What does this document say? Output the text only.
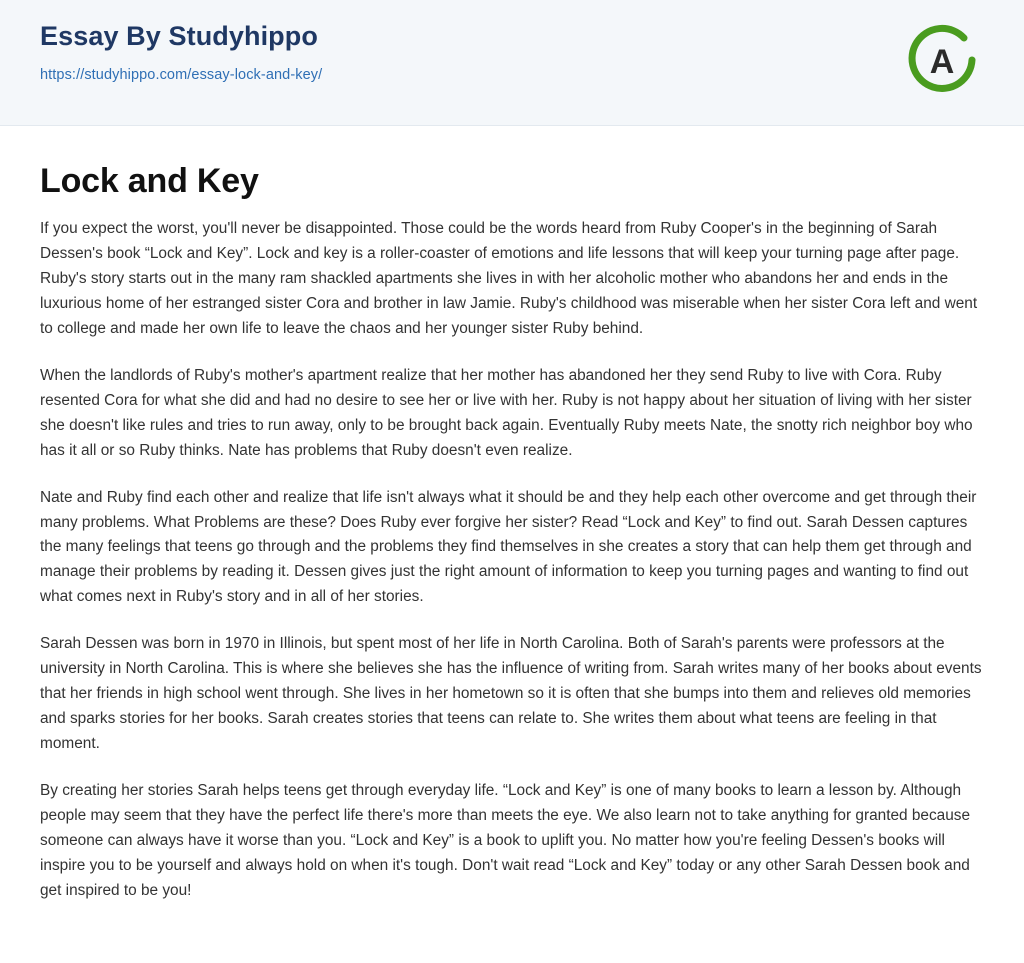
Essay By Studyhippo
https://studyhippo.com/essay-lock-and-key/	A
Lock and Key

If you expect the worst, you'll never be disappointed. Those could be the words heard from Ruby Cooper's in the beginning of Sarah Dessen's book “Lock and Key”. Lock and key is a roller-coaster of emotions and life lessons that will keep your turning page after page. Ruby's story starts out in the many ram shackled apartments she lives in with her alcoholic mother who abandons her and ends in the luxurious home of her estranged sister Cora and brother in law Jamie. Ruby's childhood was miserable when her sister Cora left and went to college and made her own life to leave the chaos and her younger sister Ruby behind.

When the landlords of Ruby's mother's apartment realize that her mother has abandoned her they send Ruby to live with Cora. Ruby resented Cora for what she did and had no desire to see her or live with her. Ruby is not happy about her situation of living with her sister she doesn't like rules and tries to run away, only to be brought back again. Eventually Ruby meets Nate, the snotty rich neighbor boy who has it all or so Ruby thinks. Nate has problems that Ruby doesn't even realize.

Nate and Ruby find each other and realize that life isn't always what it should be and they help each other overcome and get through their many problems. What Problems are these? Does Ruby ever forgive her sister? Read “Lock and Key” to find out. Sarah Dessen captures the many feelings that teens go through and the problems they find themselves in she creates a story that can help them get through and manage their problems by reading it. Dessen gives just the right amount of information to keep you turning pages and wanting to find out what comes next in Ruby's story and in all of her stories.

Sarah Dessen was born in 1970 in Illinois, but spent most of her life in North Carolina. Both of Sarah's parents were professors at the university in North Carolina. This is where she believes she has the influence of writing from. Sarah writes many of her books about events that her friends in high school went through. She lives in her hometown so it is often that she bumps into them and relieves old memories and sparks stories for her books. Sarah creates stories that teens can relate to. She writes them about what teens are feeling in that moment.

By creating her stories Sarah helps teens get through everyday life. “Lock and Key” is one of many books to learn a lesson by. Although people may seem that they have the perfect life there's more than meets the eye. We also learn not to take anything for granted because someone can always have it worse than you. “Lock and Key” is a book to uplift you. No matter how you're feeling Dessen's books will inspire you to be yourself and always hold on when it's tough. Don't wait read “Lock and Key” today or any other Sarah Dessen book and get inspired to be you!
